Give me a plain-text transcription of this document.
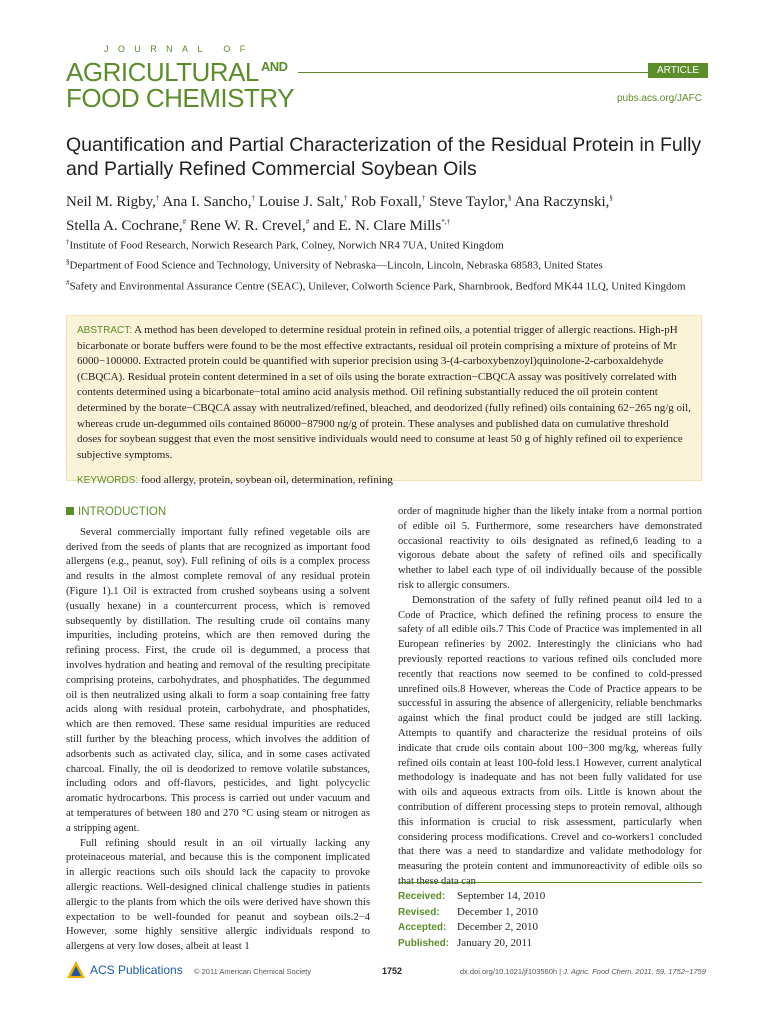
JOURNAL OF
AGRICULTURAL $^{AND}$
FOOD CHEMISTRY
ARTICLE
pubs.acs.org/JAFC
Quantification and Partial Characterization of the Residual Protein in Fully and Partially Refined Commercial Soybean Oils
Neil M. Rigby,† Ana I. Sancho,† Louise J. Salt,† Rob Foxall,† Steve Taylor,§ Ana Raczynski,§
Stella A. Cochrane,# Rene W. R. Crevel,# and E. N. Clare Mills*,†
†Institute of Food Research, Norwich Research Park, Colney, Norwich NR4 7UA, United Kingdom
§Department of Food Science and Technology, University of Nebraska—Lincoln, Lincoln, Nebraska 68583, United States
#Safety and Environmental Assurance Centre (SEAC), Unilever, Colworth Science Park, Sharnbrook, Bedford MK44 1LQ, United Kingdom
ABSTRACT: A method has been developed to determine residual protein in refined oils, a potential trigger of allergic reactions. High-pH bicarbonate or borate buffers were found to be the most effective extractants, residual oil protein comprising a mixture of proteins of Mr 6000−100000. Extracted protein could be quantified with superior precision using 3-(4-carboxybenzoyl)quinolone-2-carboxaldehyde (CBQCA). Residual protein content determined in a set of oils using the borate extraction−CBQCA assay was positively correlated with contents determined using a bicarbonate−total amino acid analysis method. Oil refining substantially reduced the oil protein content determined by the borate−CBQCA assay with neutralized/refined, bleached, and deodorized (fully refined) oils containing 62−265 ng/g oil, whereas crude un-degummed oils contained 86000−87900 ng/g of protein. These analyses and published data on cumulative threshold doses for soybean suggest that even the most sensitive individuals would need to consume at least 50 g of highly refined oil to experience subjective symptoms.
KEYWORDS: food allergy, protein, soybean oil, determination, refining
INTRODUCTION

Several commercially important fully refined vegetable oils are derived from the seeds of plants that are recognized as important food allergens (e.g., peanut, soy). Full refining of oils is a complex process and results in the almost complete removal of any residual protein (Figure 1).1 Oil is extracted from crushed soybeans using a solvent (usually hexane) in a countercurrent process, which is removed subsequently by distillation. The resulting crude oil contains many impurities, including proteins, which are then removed during the refining process. First, the crude oil is degummed, a process that involves hydration and heating and removal of the resulting precipitate comprising proteins, carbohydrates, and phosphatides. The degummed oil is then neutralized using alkali to form a soap containing free fatty acids along with residual protein, carbohydrate, and phosphatides, which are then removed. These same residual impurities are reduced still further by the bleaching process, which involves the addition of adsorbents such as activated clay, silica, and in some cases activated charcoal. Finally, the oil is deodorized to remove volatile substances, including odors and off-flavors, pesticides, and light polycyclic aromatic hydrocarbons. This process is carried out under vacuum and at temperatures of between 180 and 270 °C using steam or nitrogen as a stripping agent.

Full refining should result in an oil virtually lacking any proteinaceous material, and because this is the component implicated in allergic reactions such oils should lack the capacity to provoke allergic reactions. Well-designed clinical challenge studies in patients allergic to the plants from which the oils were derived have shown this expectation to be well-founded for peanut and soybean oils.2−4 However, some highly sensitive allergic individuals respond to allergens at very low doses, albeit at least 1

order of magnitude higher than the likely intake from a normal portion of edible oil 5. Furthermore, some researchers have demonstrated occasional reactivity to oils designated as refined,6 leading to a vigorous debate about the safety of refined oils and specifically whether to label each type of oil individually because of the possible risk to allergic consumers.

Demonstration of the safety of fully refined peanut oil4 led to a Code of Practice, which defined the refining process to ensure the safety of all edible oils.7 This Code of Practice was implemented in all European refineries by 2002. Interestingly the clinicians who had previously reported reactions to various refined oils concluded more recently that reactions now seemed to be confined to cold-pressed unrefined oils.8 However, whereas the Code of Practice appears to be successful in assuring the absence of allergenicity, reliable benchmarks against which the final product could be judged are still lacking. Attempts to quantify and characterize the residual proteins of oils indicate that crude oils contain about 100−300 mg/kg, whereas fully refined oils contain at least 100-fold less.1 However, current analytical methodology is inadequate and has not been fully validated for use with oils and aqueous extracts from oils. Little is known about the contribution of different processing steps to protein removal, although this information is crucial to risk assessment, particularly when considering process modifications. Crevel and co-workers1 concluded that there was a need to standardize and validate methodology for measuring the protein content and immunoreactivity of edible oils so

Received:	September 14, 2010
Revised:	December 1, 2010
Accepted: December 2, 2010
Published: January 20, 2011
ACS Publications © 2011 American Chemical Society	1752	dx.doi.org/10.1021/jf103560h | J. Agric. Food Chem. 2011, 59, 1752−1759
